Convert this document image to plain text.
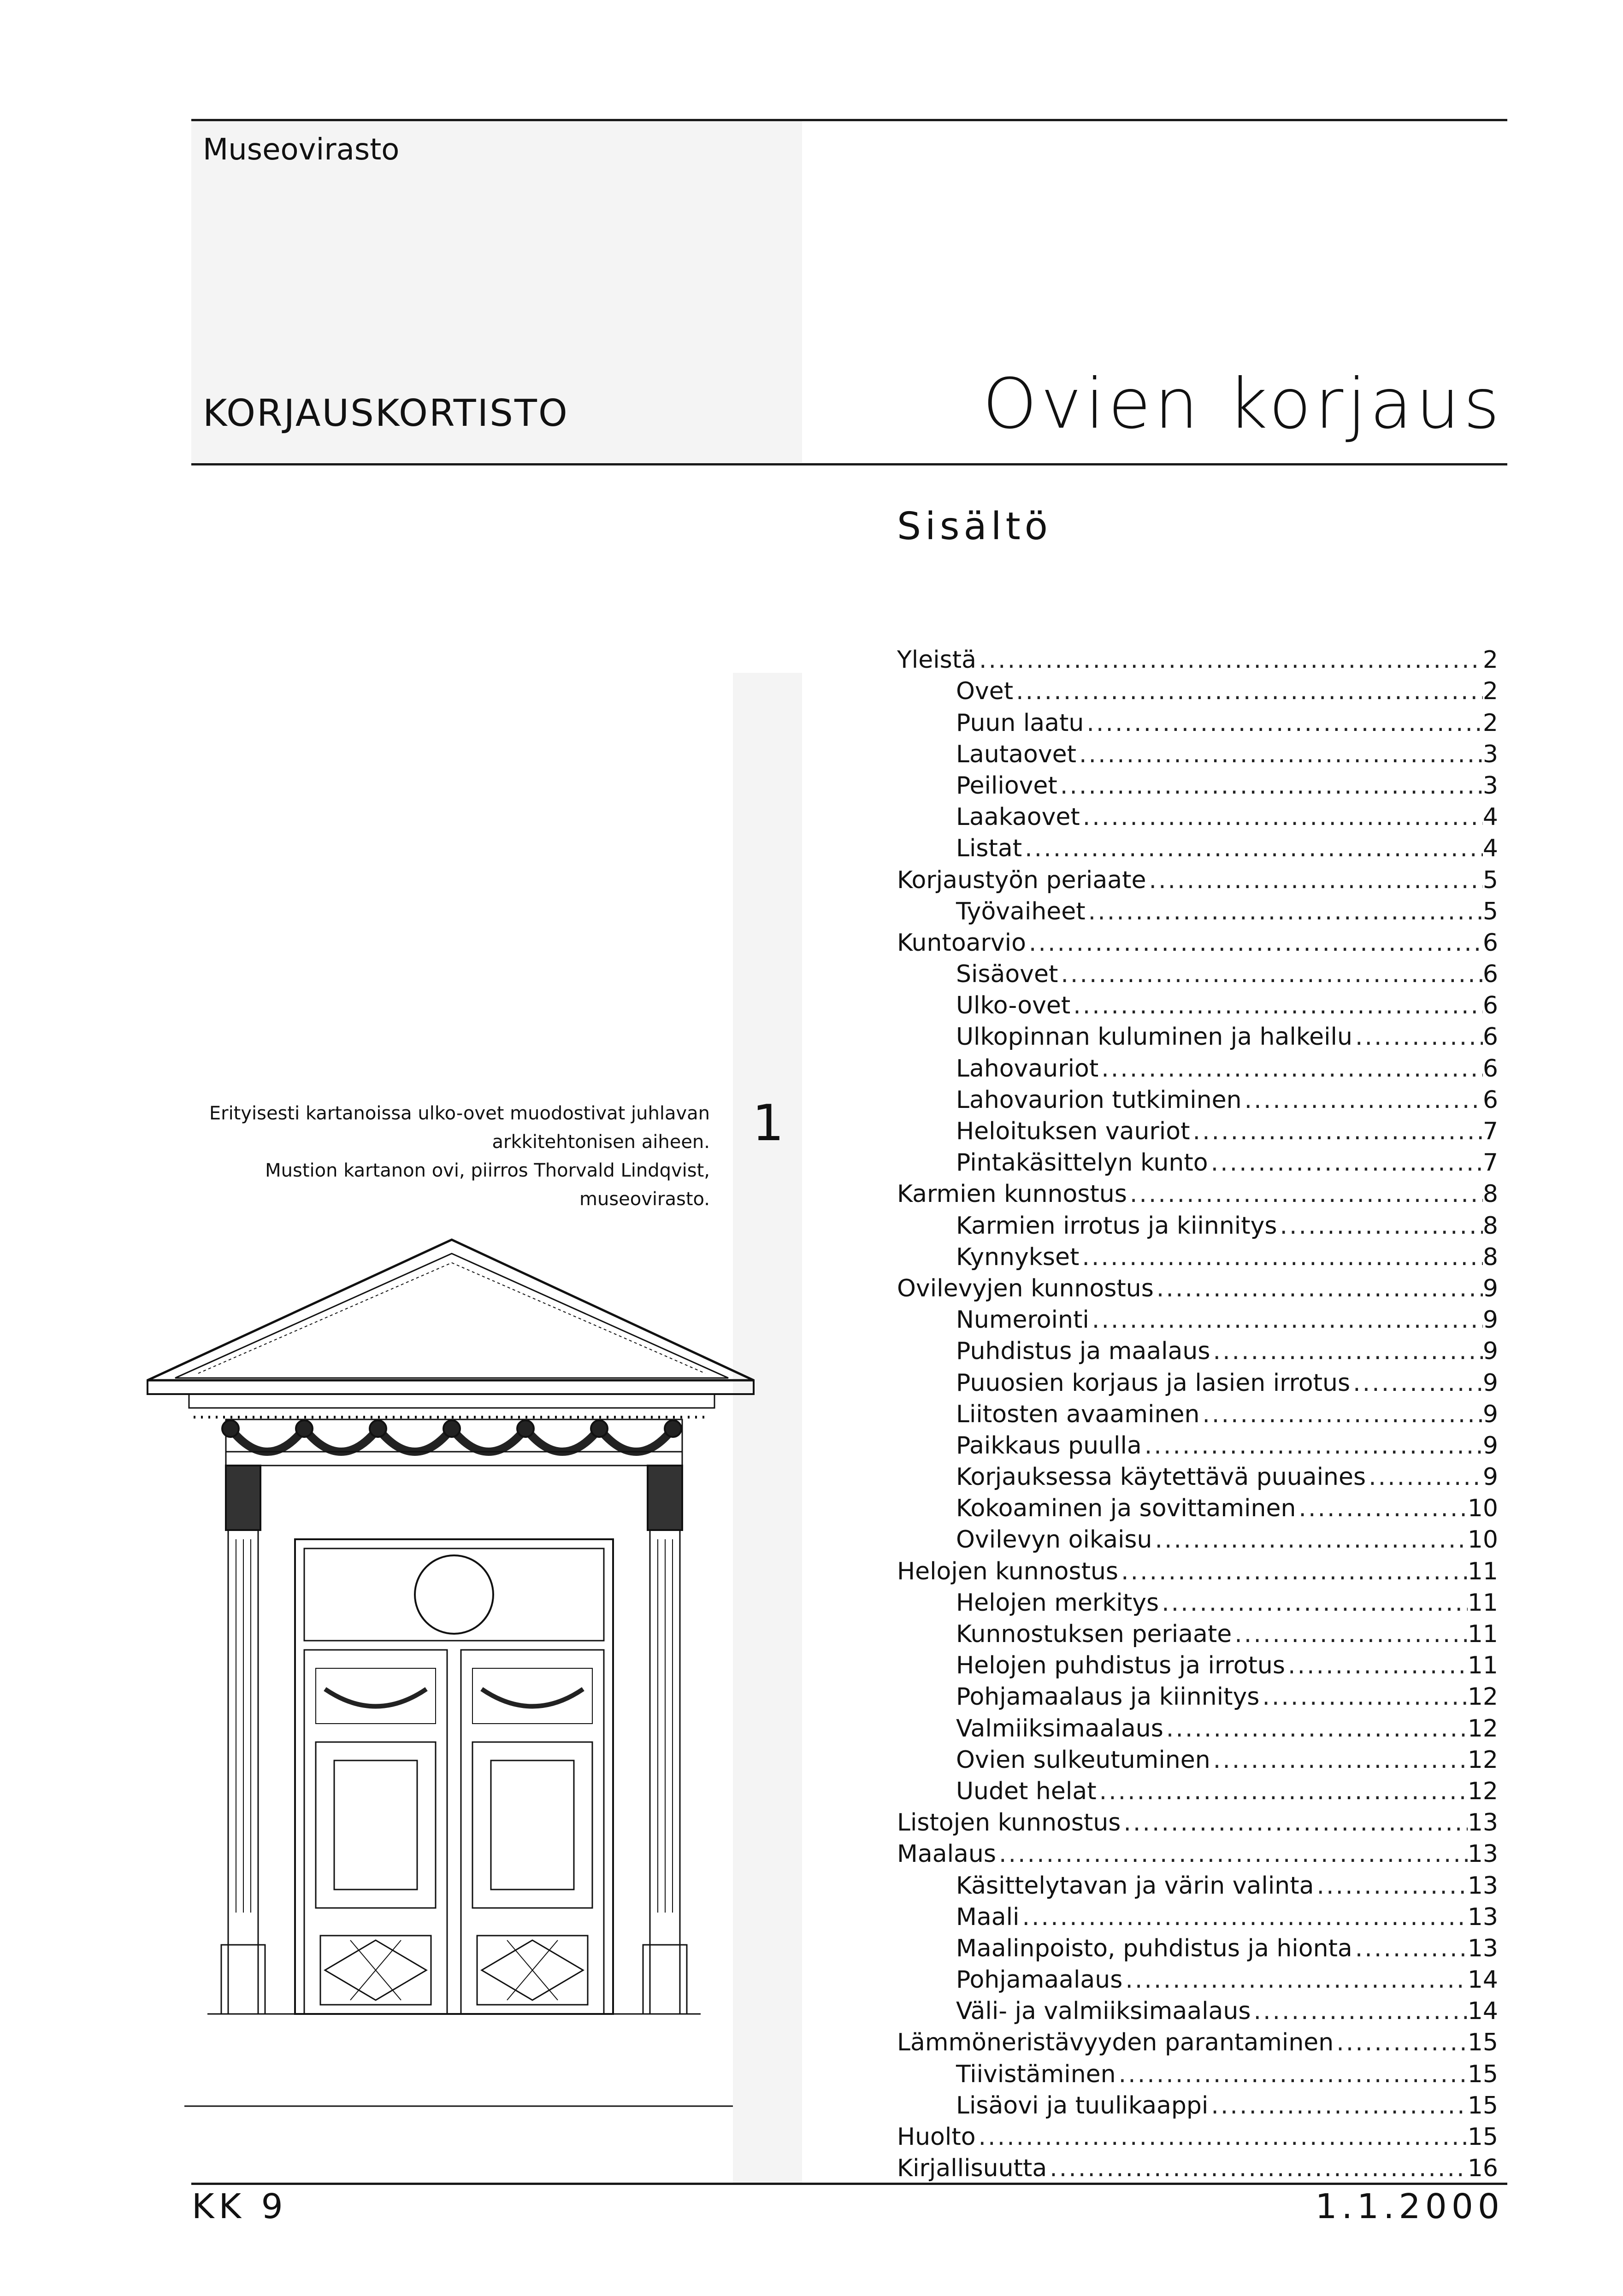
Museovirasto
KORJAUSKORTISTO	Ovien korjaus
Sisältö
Yleistä .....	2
Ovet .....	2
Puun laatu .....	2
Lautaovet .....	3
Peiliovet .....	3
Laakaovet .....	4
Listat .....	4
Korjaustyön periaate .....	5
Työvaiheet .....	5
Kuntoarvio .....	6
Sisäovet .....	6
Ulko-ovet .....	6
Ulkopinnan kuluminen ja halkeilu .....	6
Lahovauriot .....	6
Lahovaurion tutkiminen .....	6
Heloituksen vauriot .....	7
Pintakäsittelyn kunto .....	7
Karmien kunnostus .....	8
Karmien irrotus ja kiinnitys .....	8
Kynnykset .....	8
Ovilevyjen kunnostus .....	9
Numerointi .....	9
Puhdistus ja maalaus .....	9
Puuosien korjaus ja lasien irrotus .....	9
Liitosten avaaminen .....	9
Paikkaus puulla .....	9
Korjauksessa käytettävä puuaines .....	9
Kokoaminen ja sovittaminen .....	10
Ovilevyn oikaisu .....	10
Helojen kunnostus .....	11
Helojen merkitys .....	11
Kunnostuksen periaate .....	11
Helojen puhdistus ja irrotus .....	11
Pohjamaalaus ja kiinnitys .....	12
Valmiiksimaalaus .....	12
Ovien sulkeutuminen .....	12
Uudet helat .....	12
Listojen kunnostus .....	13
Maalaus .....	13
Käsittelytavan ja värin valinta .....	13
Maali .....	13
Maalinpoisto, puhdistus ja hionta .....	13
Pohjamaalaus .....	14
Väli- ja valmiiksimaalaus .....	14
Lämmöneristävyyden parantaminen .....	15
Tiivistäminen .....	15
Lisäovi ja tuulikaappi .....	15
Huolto .....	15
Kirjallisuutta .....	16
Erityisesti kartanoissa ulko-ovet muodostivat juhlavan
arkkitehtonisen aiheen.
Mustion kartanon ovi, piirros Thorvald Lindqvist,
museovirasto.
1
KK 9	1.1.2000
